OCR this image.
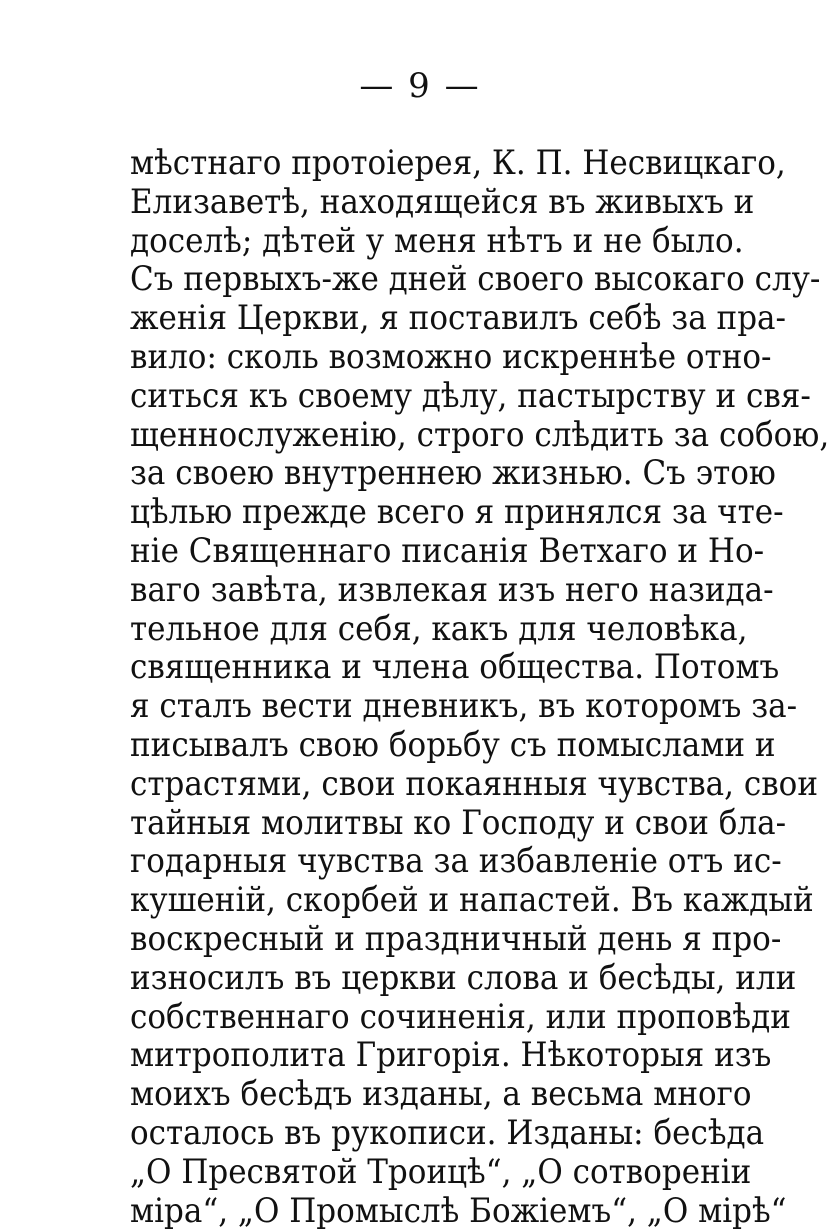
— 9 —
мѣстнаго протоіерея, К. П. Несвицкаго,
Елизаветѣ, находящейся въ живыхъ и
доселѣ; дѣтей у меня нѣтъ и не было.
Съ первыхъ-же дней своего высокаго слу-
женія Церкви, я поставилъ себѣ за пра-
вило: сколь возможно искреннѣе отно-
ситься къ своему дѣлу, пастырству и свя-
щеннослуженію, строго слѣдить за собою,
за своею внутреннею жизнью. Съ этою
цѣлью прежде всего я принялся за чте-
ніе Священнаго писанія Ветхаго и Но-
ваго завѣта, извлекая изъ него назида-
тельное для себя, какъ для человѣка,
священника и члена общества. Потомъ
я сталъ вести дневникъ, въ которомъ за-
писывалъ свою борьбу съ помыслами и
страстями, свои покаянныя чувства, свои
тайныя молитвы ко Господу и свои бла-
годарныя чувства за избавленіе отъ ис-
кушеній, скорбей и напастей. Въ каждый
воскресный и праздничный день я про-
износилъ въ церкви слова и бесѣды, или
собственнаго сочиненія, или проповѣди
митрополита Григорія. Нѣкоторыя изъ
моихъ бесѣдъ изданы, а весьма много
осталось въ рукописи. Изданы: бесѣда
„О Пресвятой Троицѣ“, „О сотвореніи
міра“, „О Промыслѣ Божіемъ“, „О мірѣ“
